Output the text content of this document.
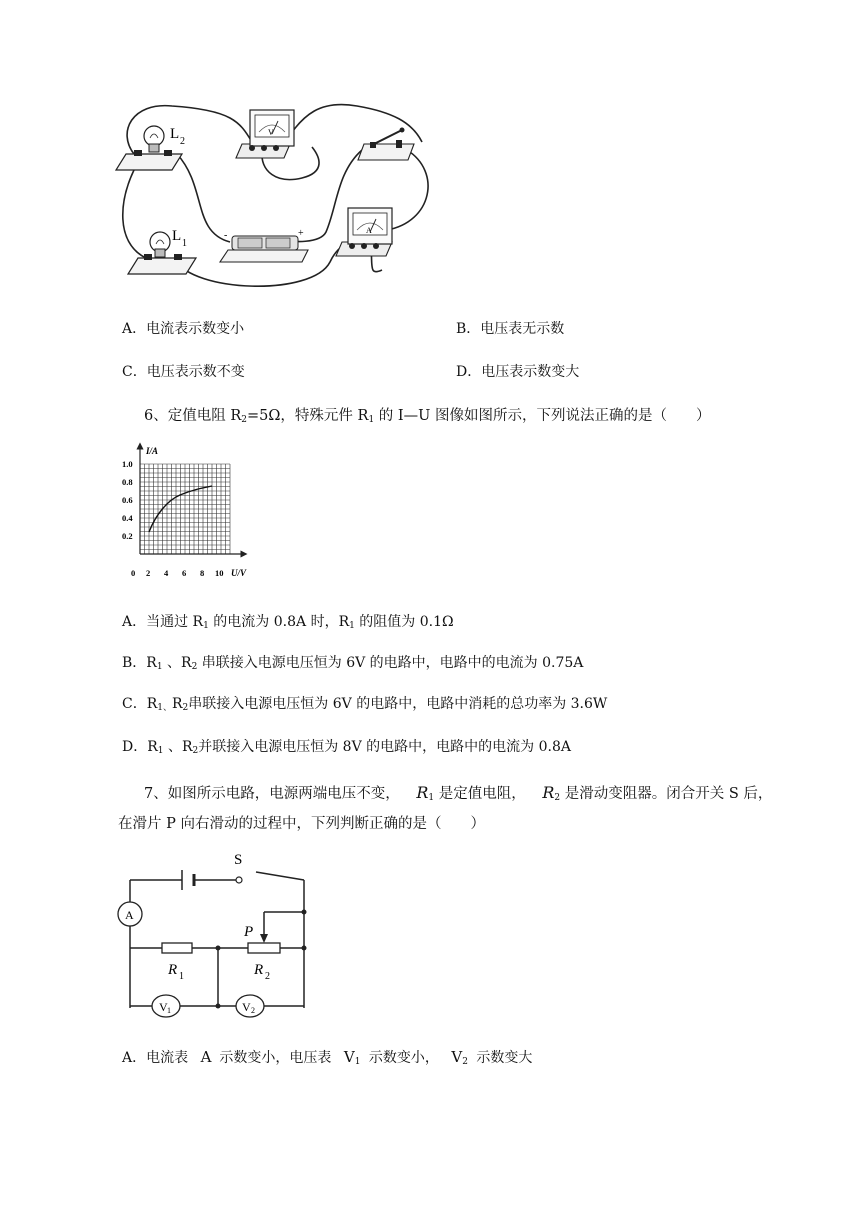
L 2
V
L 1
-	+	A
A．电流表示数变小	B．电压表无示数
C．电压表示数不变	D．电压表示数变大
6、定值电阻 $R_2=5\Omega$，特殊元件 $R_1$ 的 I—U 图像如图所示，下列说法正确的是（　　）
I/A
U/V
1.0
0.8
0.6
0.4
0.2
0 2 4 6 8 10
A．当通过 $R_1$ 的电流为 0.8A 时，$R_1$ 的阻值为 0.1Ω
B．$R_1$ 、$R_2$ 串联接入电源电压恒为 6V 的电路中，电路中的电流为 0.75A
C．$R_{1、}R_2$串联接入电源电压恒为 6V 的电路中，电路中消耗的总功率为 3.6W
D．$R_1$ 、$R_2$并联接入电源电压恒为 8V 的电路中，电路中的电流为 0.8A
7、如图所示电路，电源两端电压不变， $R_1$ 是定值电阻， $R_2$ 是滑动变阻器。闭合开关 S 后，
在滑片 P 向右滑动的过程中，下列判断正确的是（　　）
S
P
A
R 1	R 2
V 1	V 2
A．电流表 A 示数变小，电压表 $V_1$ 示数变小， $V_2$ 示数变大
